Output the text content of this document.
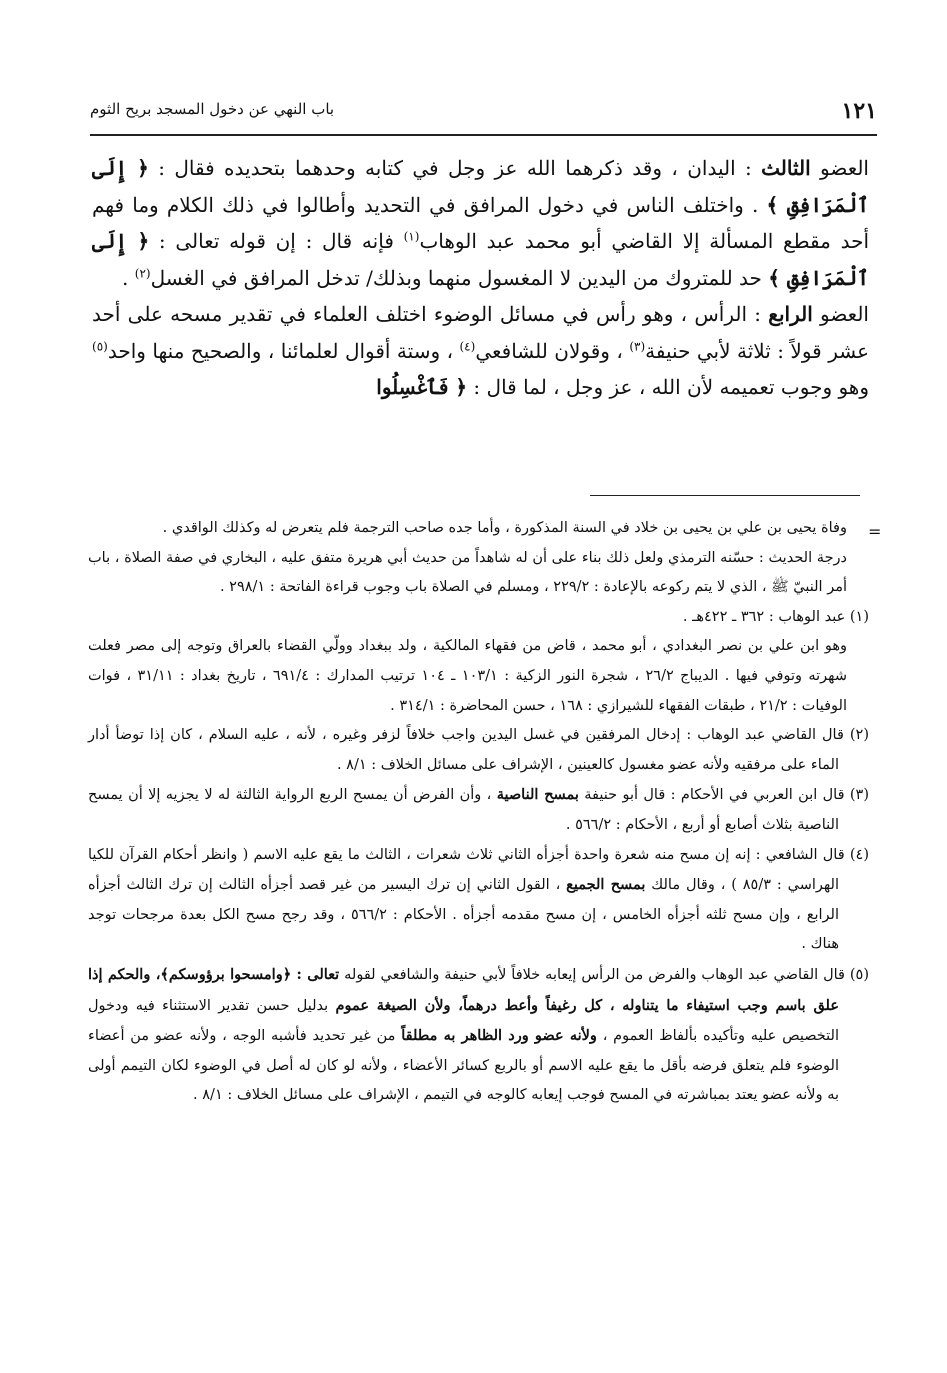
١٢١
باب النهي عن دخول المسجد بريح الثوم

العضو الثالث : اليدان ، وقد ذكرهما الله عز وجل في كتابه وحدهما بتحديده فقال : ﴿ إِلَى ٱلْمَرَافِقِ ﴾ . واختلف الناس في دخول المرافق في التحديد وأطالوا في ذلك الكلام وما فهم أحد مقطع المسألة إلا القاضي أبو محمد عبد الوهاب$^{(١)}$ فإنه قال : إن قوله تعالى : ﴿ إِلَى ٱلْمَرَافِقِ ﴾ حد للمتروك من اليدين لا المغسول منهما وبذلك/ تدخل المرافق في الغسل$^{(٢)}$ .

العضو الرابع : الرأس ، وهو رأس في مسائل الوضوء اختلف العلماء في تقدير مسحه على أحد عشر قولاً : ثلاثة لأبي حنيفة$^{(٣)}$ ، وقولان للشافعي$^{(٤)}$ ، وستة أقوال لعلمائنا ، والصحيح منها واحد$^{(٥)}$ وهو وجوب تعميمه لأن الله ، عز وجل ، لما قال : ﴿ فَٱغْسِلُوا

=

وفاة يحيى بن علي بن يحيى بن خلاد في السنة المذكورة ، وأما جده صاحب الترجمة فلم يتعرض له وكذلك الواقدي .

درجة الحديث : حسّنه الترمذي ولعل ذلك بناء على أن له شاهداً من حديث أبي هريرة متفق عليه ، البخاري في صفة الصلاة ، باب أمر النبيّ ﷺ ، الذي لا يتم ركوعه بالإعادة : ٢٢٩/٢ ، ومسلم في الصلاة باب وجوب قراءة الفاتحة : ٢٩٨/١ .

(١) عبد الوهاب : ٣٦٢ ـ ٤٢٢هـ .

وهو ابن علي بن نصر البغدادي ، أبو محمد ، قاض من فقهاء المالكية ، ولد ببغداد وولّي القضاء بالعراق وتوجه إلى مصر فعلت شهرته وتوفي فيها . الديباج ٢٦/٢ ، شجرة النور الزكية : ١٠٣/١ ـ ١٠٤ ترتيب المدارك : ٦٩١/٤ ، تاريخ بغداد : ٣١/١١ ، فوات الوفيات : ٢١/٢ ، طبقات الفقهاء للشيرازي : ١٦٨ ، حسن المحاضرة : ٣١٤/١ .

(٢) قال القاضي عبد الوهاب : إدخال المرفقين في غسل اليدين واجب خلافاً لزفر وغيره ، لأنه ، عليه السلام ، كان إذا توضأ أدار الماء على مرفقيه ولأنه عضو مغسول كالعينين ، الإشراف على مسائل الخلاف : ٨/١ .

(٣) قال ابن العربي في الأحكام : قال أبو حنيفة بمسح الناصية ، وأن الفرض أن يمسح الربع الرواية الثالثة له لا يجزيه إلا أن يمسح الناصية بثلاث أصابع أو أربع ، الأحكام : ٥٦٦/٢ .

(٤) قال الشافعي : إنه إن مسح منه شعرة واحدة أجزأه الثاني ثلاث شعرات ، الثالث ما يقع عليه الاسم ( وانظر أحكام القرآن للكيا الهراسي : ٨٥/٣ ) ، وقال مالك بمسح الجميع ، القول الثاني إن ترك اليسير من غير قصد أجزأه الثالث إن ترك الثالث أجزأه الرابع ، وإن مسح ثلثه أجزأه الخامس ، إن مسح مقدمه أجزأه . الأحكام : ٥٦٦/٢ ، وقد رجح مسح الكل بعدة مرجحات توجد هناك .

(٥) قال القاضي عبد الوهاب والفرض من الرأس إيعابه خلافاً لأبي حنيفة والشافعي لقوله تعالى : ﴿وامسحوا برؤوسكم﴾، والحكم إذا علق باسم وجب استيفاء ما يتناوله ، كل رغيفاً وأعط درهماً، ولأن الصيغة عموم بدليل حسن تقدير الاستثناء فيه ودخول التخصيص عليه وتأكيده بألفاظ العموم ، ولأنه عضو ورد الظاهر به مطلقاً من غير تحديد فأشبه الوجه ، ولأنه عضو من أعضاء الوضوء فلم يتعلق فرضه بأقل ما يقع عليه الاسم أو بالربع كسائر الأعضاء ، ولأنه لو كان له أصل في الوضوء لكان التيمم أولى به ولأنه عضو يعتد بمباشرته في المسح فوجب إيعابه كالوجه في التيمم ، الإشراف على مسائل الخلاف : ٨/١ .
